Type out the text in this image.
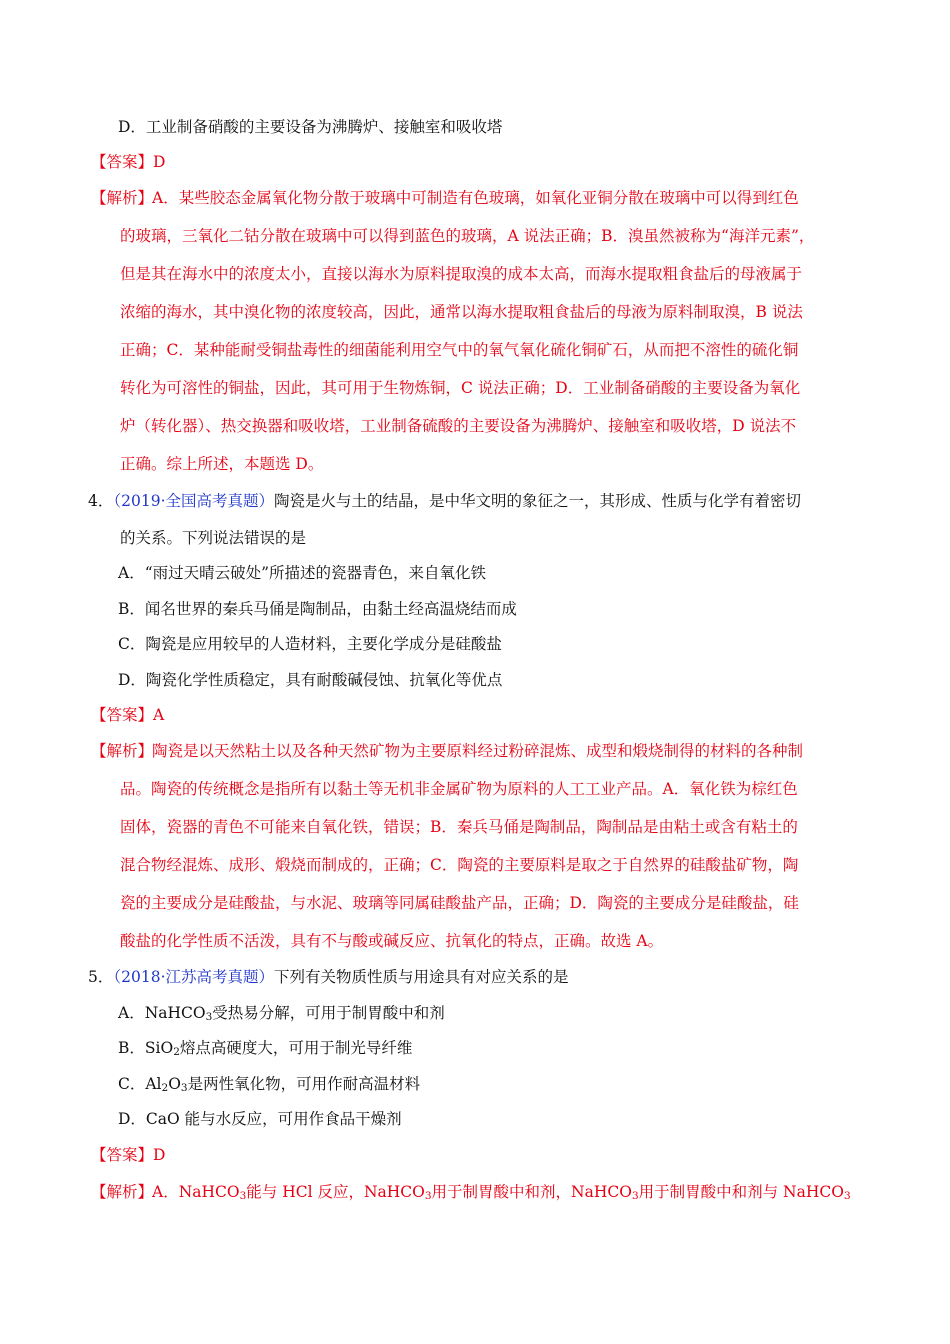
D．工业制备硝酸的主要设备为沸腾炉、接触室和吸收塔
【答案】D
【解析】
A．某些胶态金属氧化物分散于玻璃中可制造有色玻璃，如氧化亚铜分散在玻璃中可以得到红色
的玻璃，三氧化二钴分散在玻璃中可以得到蓝色的玻璃，A 说法正确；B．溴虽然被称为“海洋元素”，
但是其在海水中的浓度太小，直接以海水为原料提取溴的成本太高，而海水提取粗食盐后的母液属于
浓缩的海水，其中溴化物的浓度较高，因此，通常以海水提取粗食盐后的母液为原料制取溴，B 说法
正确；C．某种能耐受铜盐毒性的细菌能利用空气中的氧气氧化硫化铜矿石，从而把不溶性的硫化铜
转化为可溶性的铜盐，因此，其可用于生物炼铜，C 说法正确；D．工业制备硝酸的主要设备为氧化
炉（转化器）、热交换器和吸收塔，工业制备硫酸的主要设备为沸腾炉、接触室和吸收塔，D 说法不
正确。综上所述，本题选 D。
4．（2019·全国高考真题）陶瓷是火与土的结晶，是中华文明的象征之一，其形成、性质与化学有着密切
的关系。下列说法错误的是
A．“雨过天晴云破处”所描述的瓷器青色，来自氧化铁
B．闻名世界的秦兵马俑是陶制品，由黏土经高温烧结而成
C．陶瓷是应用较早的人造材料，主要化学成分是硅酸盐
D．陶瓷化学性质稳定，具有耐酸碱侵蚀、抗氧化等优点
【答案】A
【解析】
陶瓷是以天然粘土以及各种天然矿物为主要原料经过粉碎混炼、成型和煅烧制得的材料的各种制
品。陶瓷的传统概念是指所有以黏土等无机非金属矿物为原料的人工工业产品。A．氧化铁为棕红色
固体，瓷器的青色不可能来自氧化铁，错误；B．秦兵马俑是陶制品，陶制品是由粘土或含有粘土的
混合物经混炼、成形、煅烧而制成的，正确；C．陶瓷的主要原料是取之于自然界的硅酸盐矿物，陶
瓷的主要成分是硅酸盐，与水泥、玻璃等同属硅酸盐产品，正确；D．陶瓷的主要成分是硅酸盐，硅
酸盐的化学性质不活泼，具有不与酸或碱反应、抗氧化的特点，正确。故选 A。
5．（2018·江苏高考真题）下列有关物质性质与用途具有对应关系的是
A．NaHCO3受热易分解，可用于制胃酸中和剂
B．SiO2熔点高硬度大，可用于制光导纤维
C．Al2O3是两性氧化物，可用作耐高温材料
D．CaO 能与水反应，可用作食品干燥剂
【答案】D
【解析】
A．NaHCO3能与 HCl 反应，NaHCO3用于制胃酸中和剂，NaHCO3用于制胃酸中和剂与 NaHCO3
